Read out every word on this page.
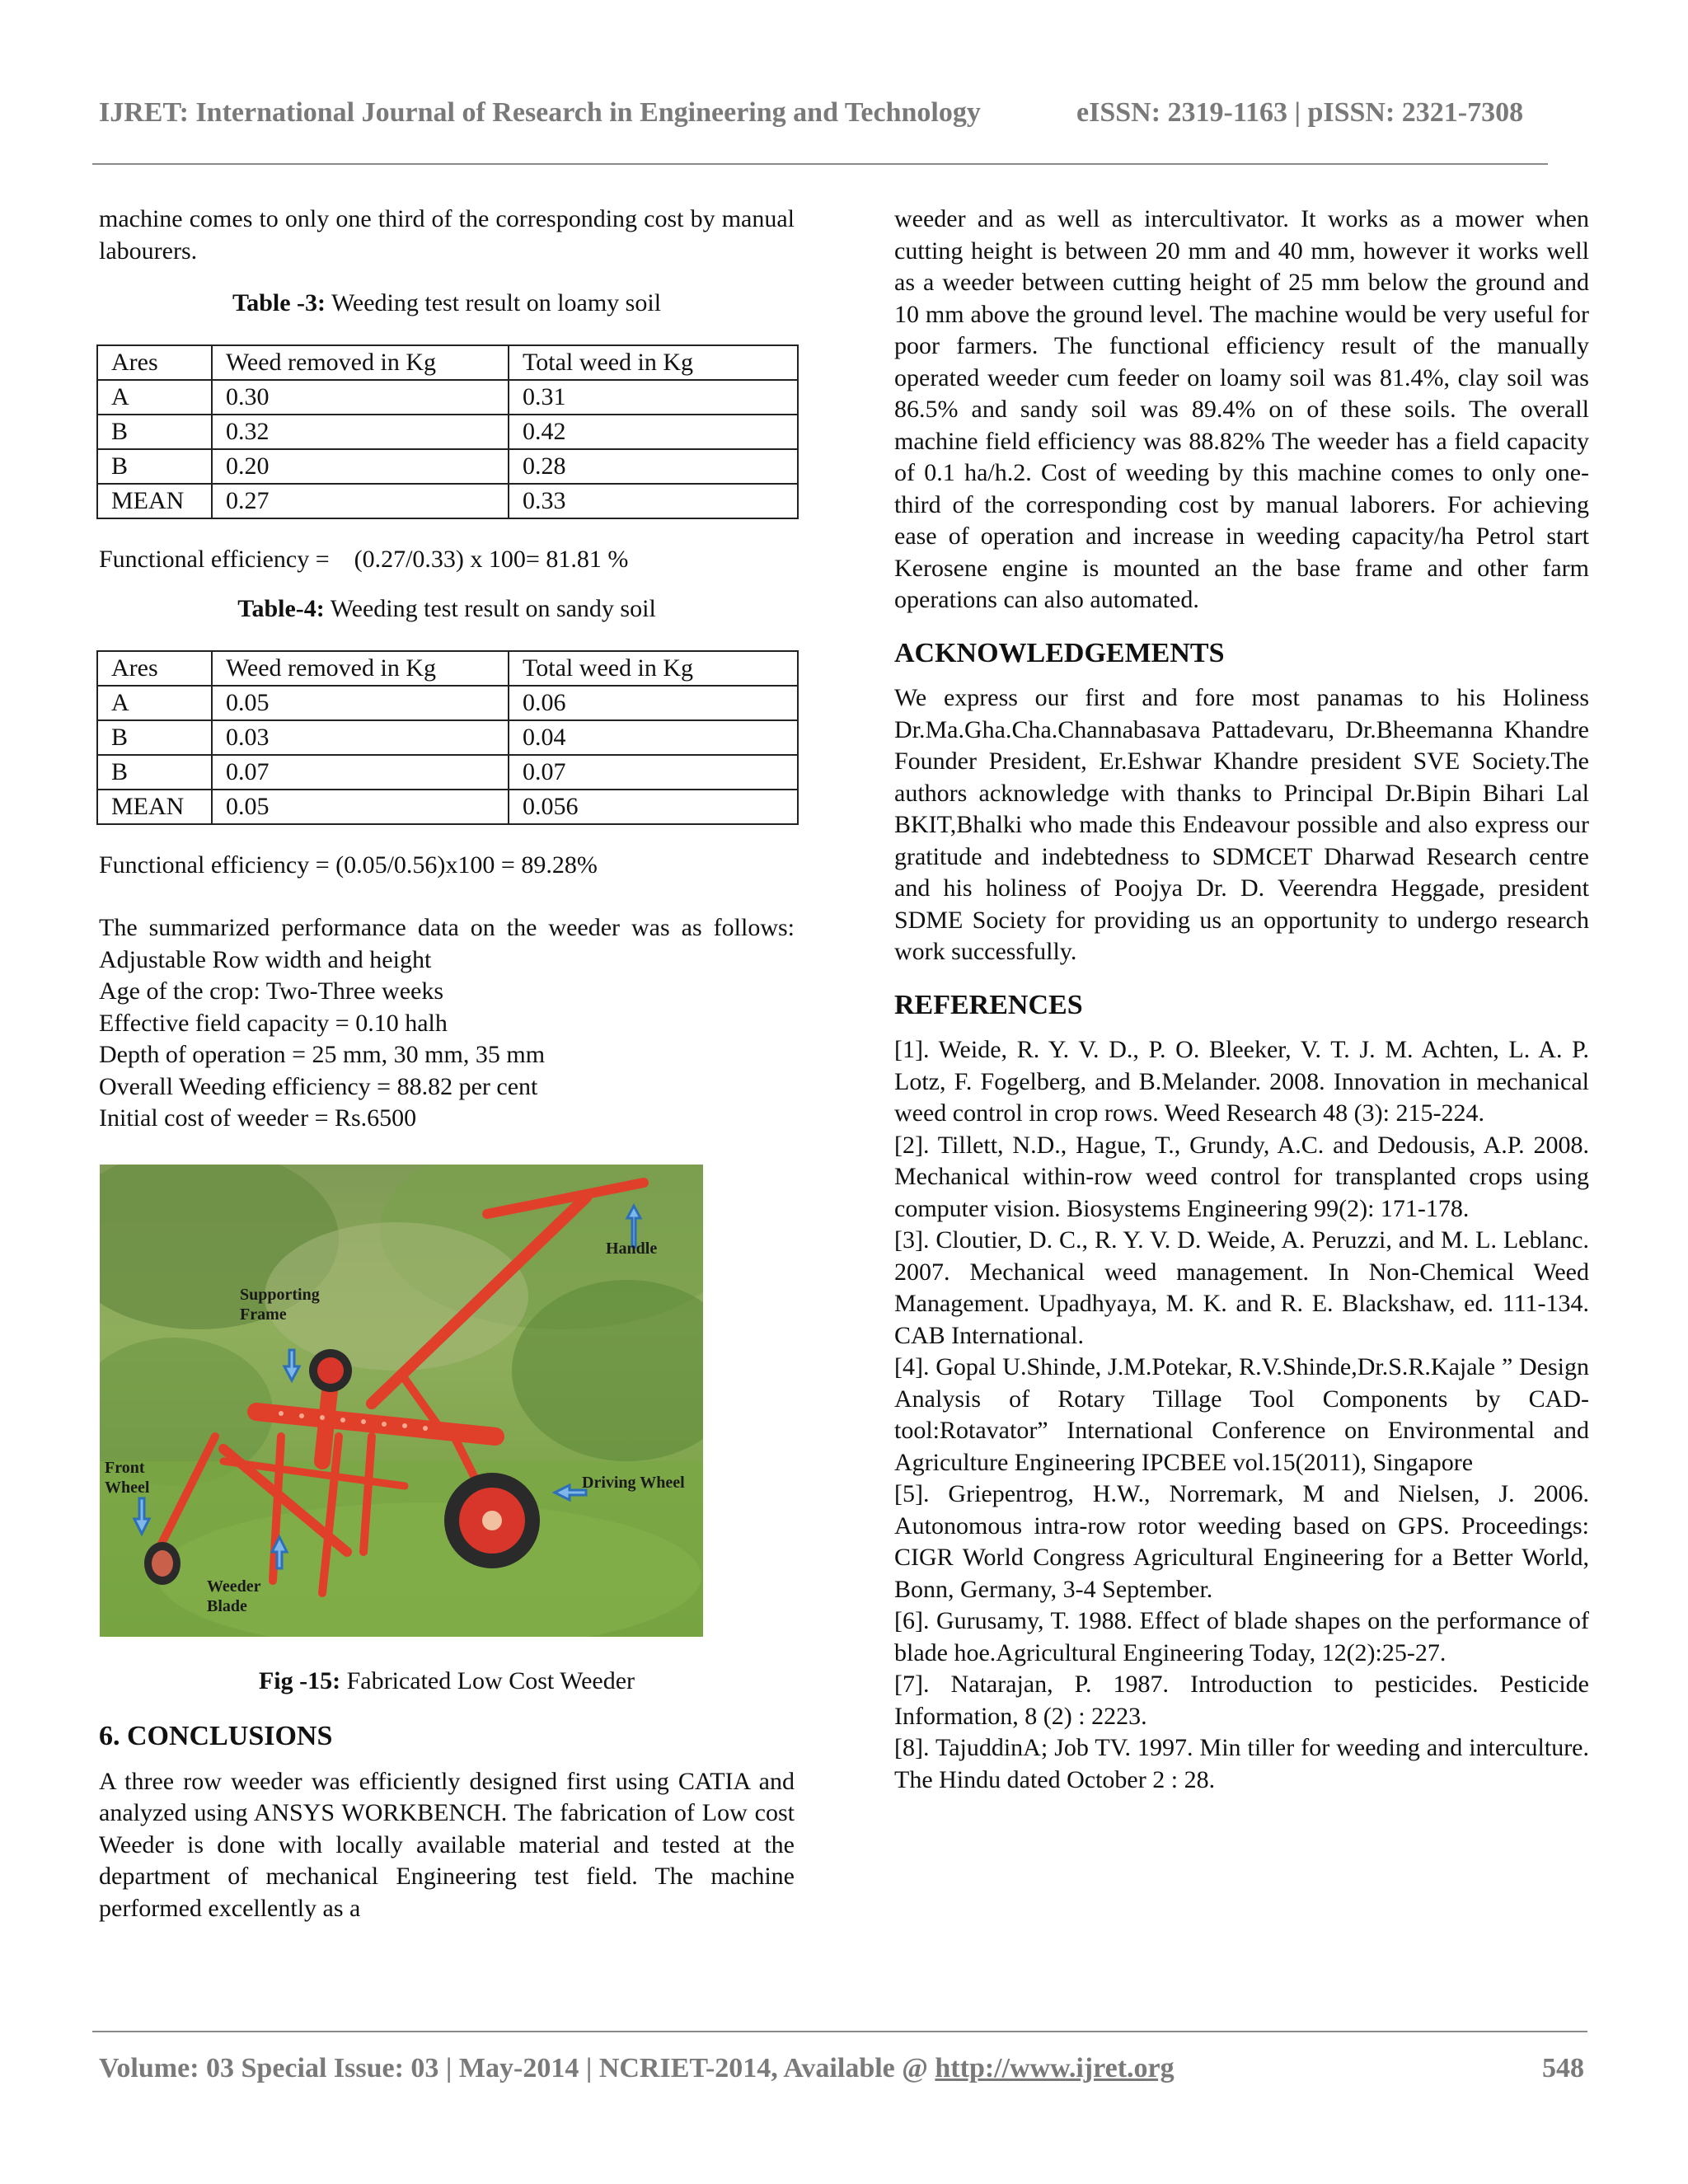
IJRET: International Journal of Research in Engineering and Technology	eISSN: 2319-1163 | pISSN: 2321-7308

machine comes to only one third of the corresponding cost by manual labourers.

Table -3: Weeding test result on loamy soil

Ares	Weed removed in Kg	Total weed in Kg
A	0.30	0.31
B	0.32	0.42
B	0.20	0.28
MEAN	0.27	0.33

Functional efficiency = (0.27/0.33) x 100= 81.81 %

Table-4: Weeding test result on sandy soil

Ares	Weed removed in Kg	Total weed in Kg
A	0.05	0.06
B	0.03	0.04
B	0.07	0.07
MEAN	0.05	0.056

Functional efficiency = (0.05/0.56)x100 = 89.28%

The summarized performance data on the weeder was as follows: Adjustable Row width and height

Age of the crop: Two-Three weeks

Effective field capacity = 0.10 halh

Depth of operation = 25 mm, 30 mm, 35 mm

Overall Weeding efficiency = 88.82 per cent

Initial cost of weeder = Rs.6500

Handle
Supporting
Frame
Front
Wheel	Driving Wheel
Weeder
Blade

Fig -15: Fabricated Low Cost Weeder

6. CONCLUSIONS

A three row weeder was efficiently designed first using CATIA and analyzed using ANSYS WORKBENCH. The fabrication of Low cost Weeder is done with locally available material and tested at the department of mechanical Engineering test field. The machine performed excellently as a

weeder and as well as intercultivator. It works as a mower when cutting height is between 20 mm and 40 mm, however it works well as a weeder between cutting height of 25 mm below the ground and 10 mm above the ground level. The machine would be very useful for poor farmers. The functional efficiency result of the manually operated weeder cum feeder on loamy soil was 81.4%, clay soil was 86.5% and sandy soil was 89.4% on of these soils. The overall machine field efficiency was 88.82% The weeder has a field capacity of 0.1 ha/h.2. Cost of weeding by this machine comes to only one-third of the corresponding cost by manual laborers. For achieving ease of operation and increase in weeding capacity/ha Petrol start Kerosene engine is mounted an the base frame and other farm operations can also automated.

ACKNOWLEDGEMENTS

We express our first and fore most panamas to his Holiness Dr.Ma.Gha.Cha.Channabasava Pattadevaru, Dr.Bheemanna Khandre Founder President, Er.Eshwar Khandre president SVE Society.The authors acknowledge with thanks to Principal Dr.Bipin Bihari Lal BKIT,Bhalki who made this Endeavour possible and also express our gratitude and indebtedness to SDMCET Dharwad Research centre and his holiness of Poojya Dr. D. Veerendra Heggade, president SDME Society for providing us an opportunity to undergo research work successfully.

REFERENCES

[1]. Weide, R. Y. V. D., P. O. Bleeker, V. T. J. M. Achten, L. A. P. Lotz, F. Fogelberg, and B.Melander. 2008. Innovation in mechanical weed control in crop rows. Weed Research 48 (3): 215-224.

[2]. Tillett, N.D., Hague, T., Grundy, A.C. and Dedousis, A.P. 2008. Mechanical within-row weed control for transplanted crops using computer vision. Biosystems Engineering 99(2): 171-178.

[3]. Cloutier, D. C., R. Y. V. D. Weide, A. Peruzzi, and M. L. Leblanc. 2007. Mechanical weed management. In Non-Chemical Weed Management. Upadhyaya, M. K. and R. E. Blackshaw, ed. 111-134. CAB International.

[4]. Gopal U.Shinde, J.M.Potekar, R.V.Shinde,Dr.S.R.Kajale ” Design Analysis of Rotary Tillage Tool Components by CAD-tool:Rotavator” International Conference on Environmental and Agriculture Engineering IPCBEE vol.15(2011), Singapore

[5]. Griepentrog, H.W., Norremark, M and Nielsen, J. 2006. Autonomous intra-row rotor weeding based on GPS. Proceedings: CIGR World Congress Agricultural Engineering for a Better World, Bonn, Germany, 3-4 September.

[6]. Gurusamy, T. 1988. Effect of blade shapes on the performance of blade hoe.Agricultural Engineering Today, 12(2):25-27.

[7]. Natarajan, P. 1987. Introduction to pesticides. Pesticide Information, 8 (2) : 2223.

[8]. TajuddinA; Job TV. 1997. Min tiller for weeding and interculture. The Hindu dated October 2 : 28.

Volume: 03 Special Issue: 03 | May-2014 | NCRIET-2014, Available @ http://www.ijret.org	548
